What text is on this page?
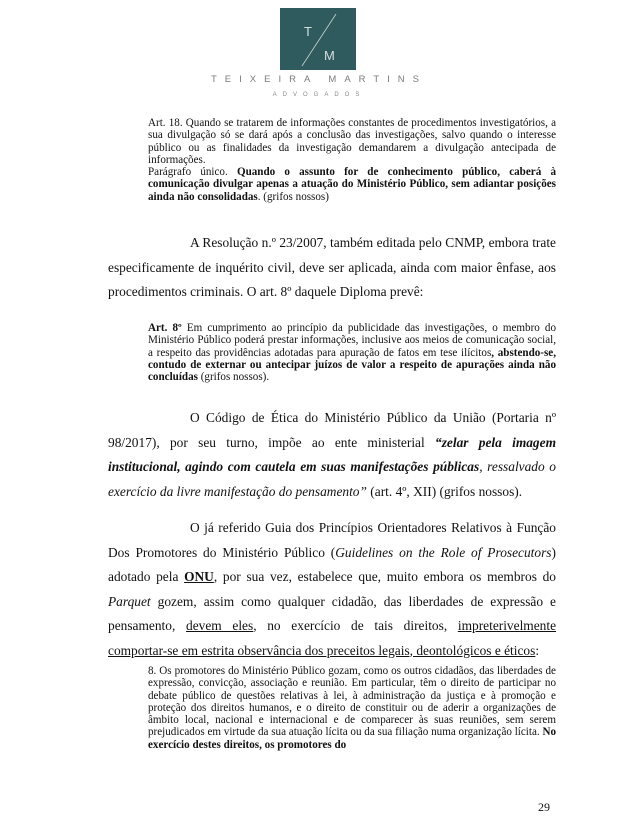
T
M
TEIXEIRA MARTINS
ADVOGADOS

Art. 18. Quando se tratarem de informações constantes de procedimentos investigatórios, a sua divulgação só se dará após a conclusão das investigações, salvo quando o interesse público ou as finalidades da investigação demandarem a divulgação antecipada de informações.

Parágrafo único. Quando o assunto for de conhecimento público, caberá à comunicação divulgar apenas a atuação do Ministério Público, sem adiantar posições ainda não consolidadas. (grifos nossos)

A Resolução n.º 23/2007, também editada pelo CNMP, embora trate especificamente de inquérito civil, deve ser aplicada, ainda com maior ênfase, aos procedimentos criminais. O art. 8º daquele Diploma prevê:

Art. 8º Em cumprimento ao princípio da publicidade das investigações, o membro do Ministério Público poderá prestar informações, inclusive aos meios de comunicação social, a respeito das providências adotadas para apuração de fatos em tese ilícitos, abstendo-se, contudo de externar ou antecipar juízos de valor a respeito de apurações ainda não concluídas (grifos nossos).

O Código de Ética do Ministério Público da União (Portaria nº 98/2017), por seu turno, impõe ao ente ministerial “zelar pela imagem institucional, agindo com cautela em suas manifestações públicas, ressalvado o exercício da livre manifestação do pensamento” (art. 4º, XII) (grifos nossos).

O já referido Guia dos Princípios Orientadores Relativos à Função Dos Promotores do Ministério Público (Guidelines on the Role of Prosecutors) adotado pela ONU, por sua vez, estabelece que, muito embora os membros do Parquet gozem, assim como qualquer cidadão, das liberdades de expressão e pensamento, devem eles, no exercício de tais direitos, impreterivelmente comportar-se em estrita observância dos preceitos legais, deontológicos e éticos:

8. Os promotores do Ministério Público gozam, como os outros cidadãos, das liberdades de expressão, convicção, associação e reunião. Em particular, têm o direito de participar no debate público de questões relativas à lei, à administração da justiça e à promoção e proteção dos direitos humanos, e o direito de constituir ou de aderir a organizações de âmbito local, nacional e internacional e de comparecer às suas reuniões, sem serem prejudicados em virtude da sua atuação lícita ou da sua filiação numa organização lícita. No exercício destes direitos, os promotores do

29
